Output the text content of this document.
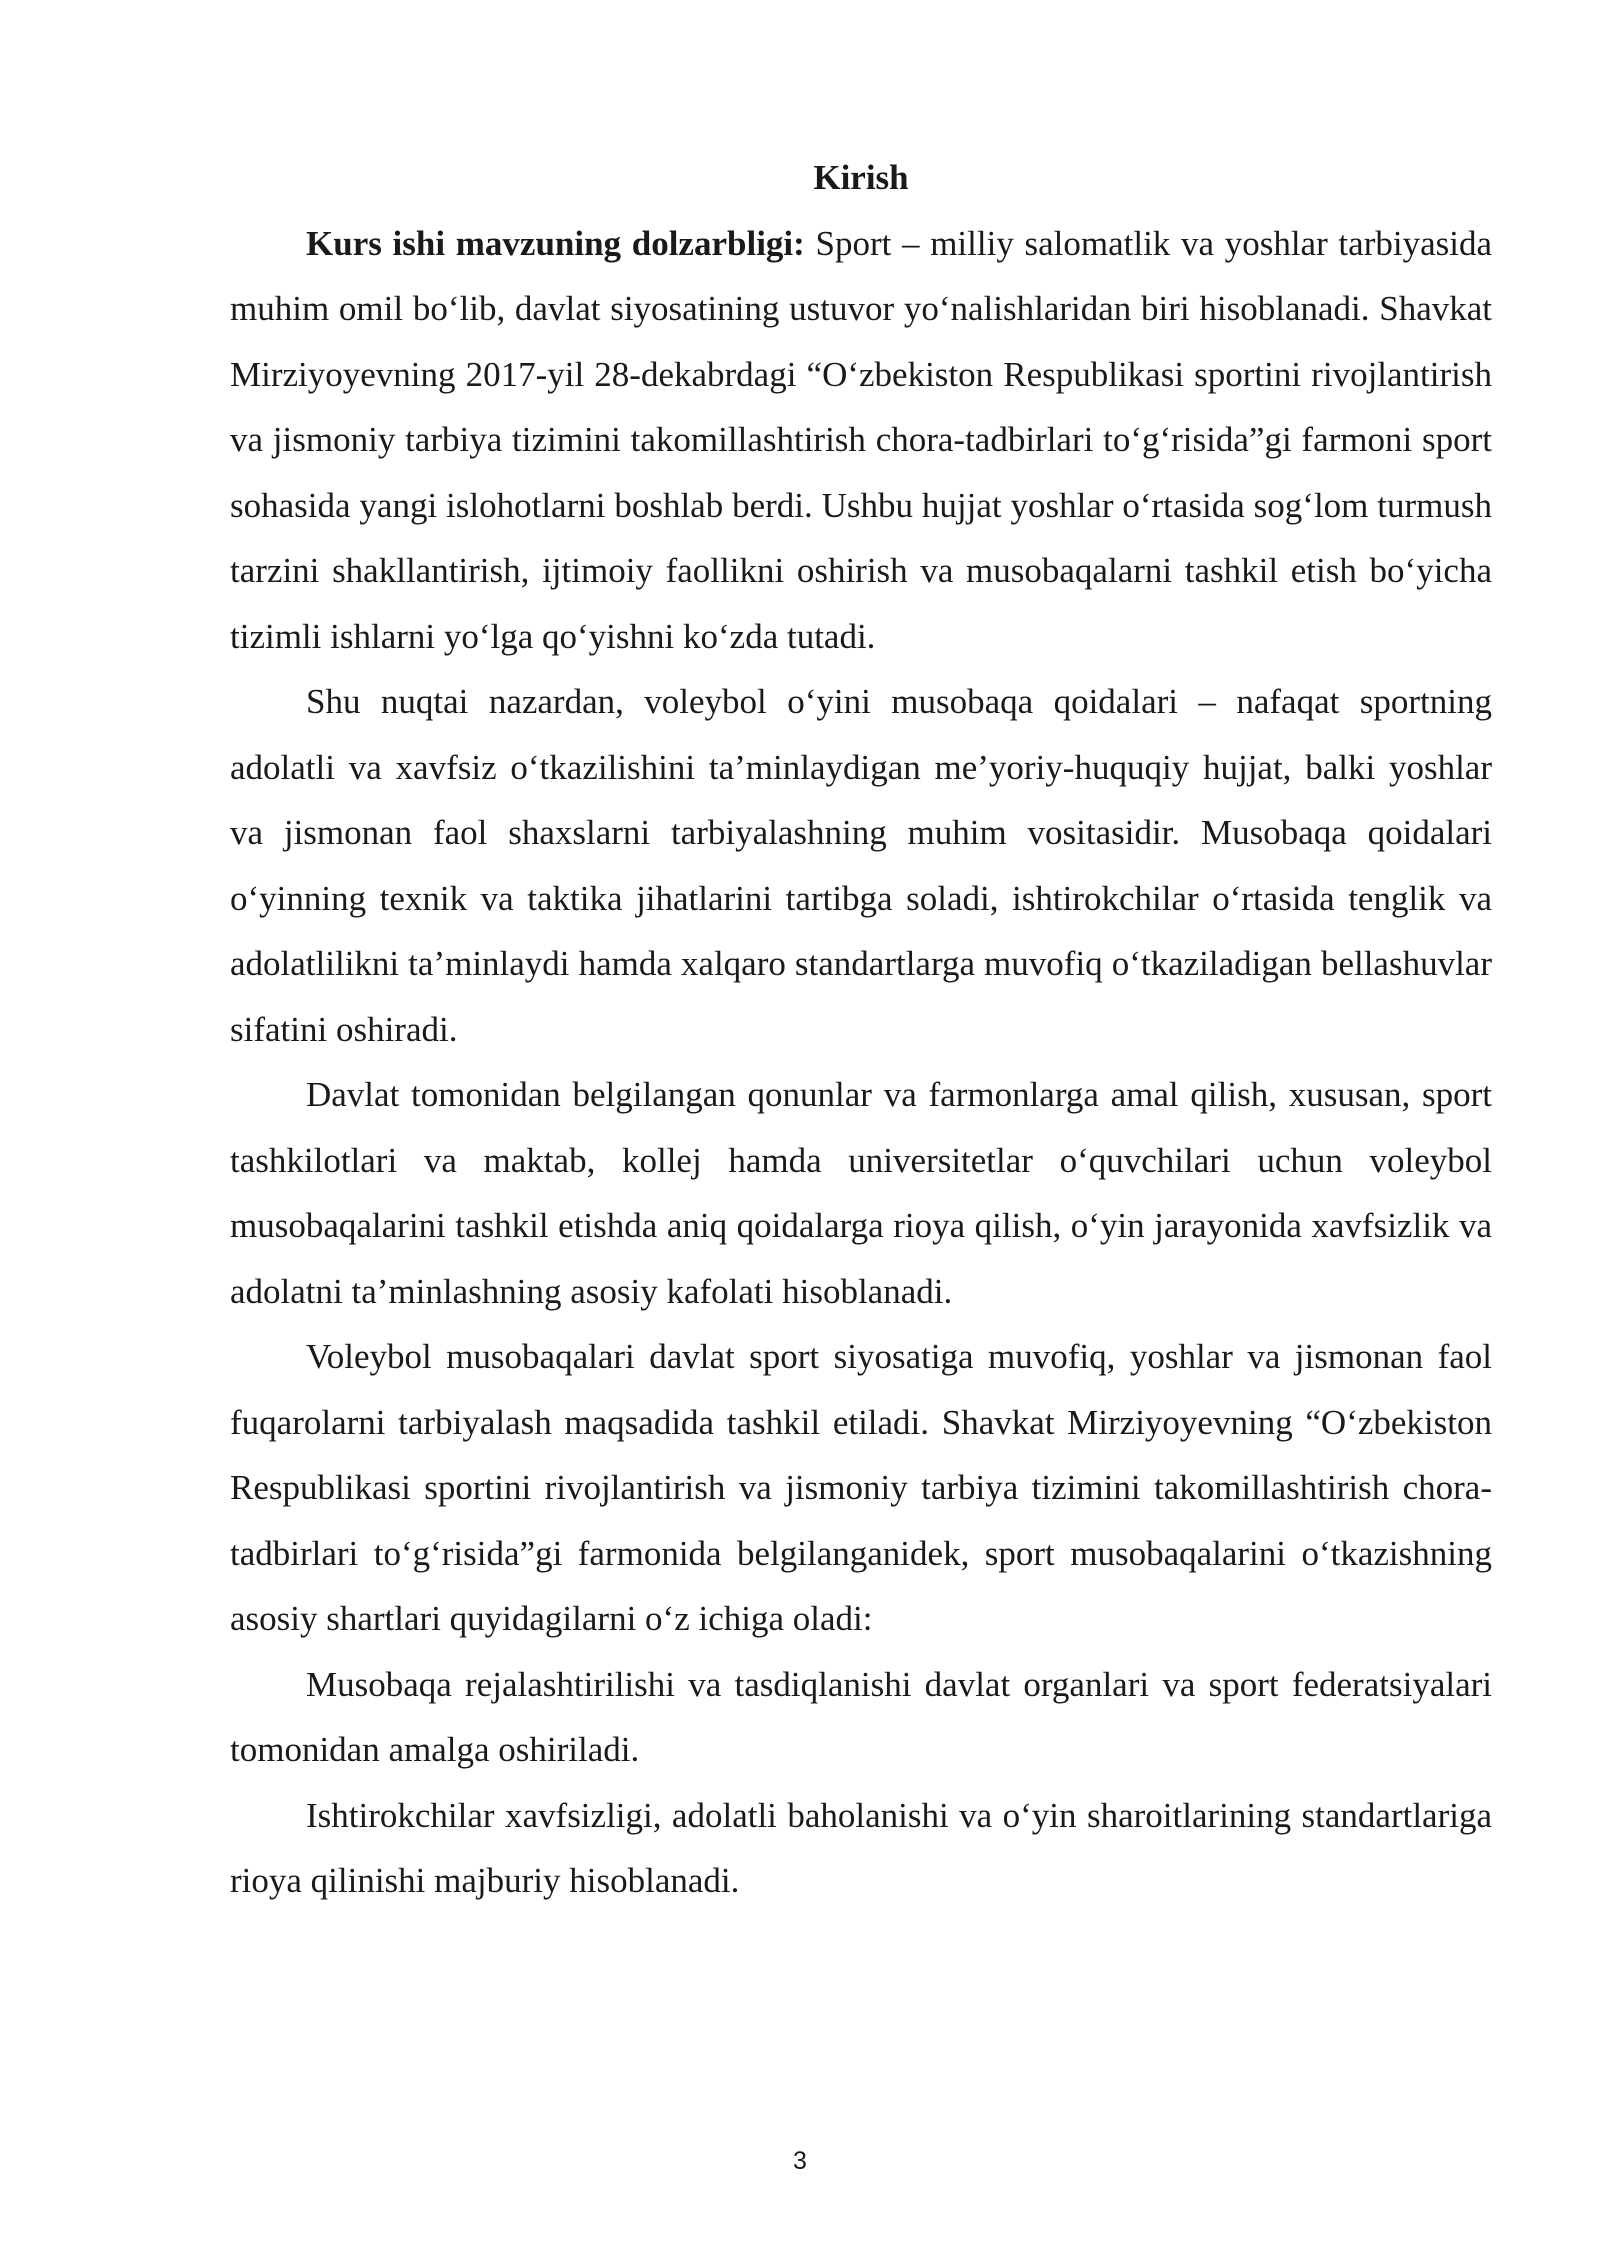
Kirish

Kurs ishi mavzuning dolzarbligi: Sport – milliy salomatlik va yoshlar tarbiyasida muhim omil bo‘lib, davlat siyosatining ustuvor yo‘nalishlaridan biri hisoblanadi. Shavkat Mirziyoyevning 2017-yil 28-dekabrdagi “O‘zbekiston Respublikasi sportini rivojlantirish va jismoniy tarbiya tizimini takomillashtirish chora-tadbirlari to‘g‘risida”gi farmoni sport sohasida yangi islohotlarni boshlab berdi. Ushbu hujjat yoshlar o‘rtasida sog‘lom turmush tarzini shakllantirish, ijtimoiy faollikni oshirish va musobaqalarni tashkil etish bo‘yicha tizimli ishlarni yo‘lga qo‘yishni ko‘zda tutadi.

Shu nuqtai nazardan, voleybol o‘yini musobaqa qoidalari – nafaqat sportning adolatli va xavfsiz o‘tkazilishini ta’minlaydigan me’yoriy-huquqiy hujjat, balki yoshlar va jismonan faol shaxslarni tarbiyalashning muhim vositasidir. Musobaqa qoidalari o‘yinning texnik va taktika jihatlarini tartibga soladi, ishtirokchilar o‘rtasida tenglik va adolatlilikni ta’minlaydi hamda xalqaro standartlarga muvofiq o‘tkaziladigan bellashuvlar sifatini oshiradi.

Davlat tomonidan belgilangan qonunlar va farmonlarga amal qilish, xususan, sport tashkilotlari va maktab, kollej hamda universitetlar o‘quvchilari uchun voleybol musobaqalarini tashkil etishda aniq qoidalarga rioya qilish, o‘yin jarayonida xavfsizlik va adolatni ta’minlashning asosiy kafolati hisoblanadi.

Voleybol musobaqalari davlat sport siyosatiga muvofiq, yoshlar va jismonan faol fuqarolarni tarbiyalash maqsadida tashkil etiladi. Shavkat Mirziyoyevning “O‘zbekiston Respublikasi sportini rivojlantirish va jismoniy tarbiya tizimini takomillashtirish chora-tadbirlari to‘g‘risida”gi farmonida belgilanganidek, sport musobaqalarini o‘tkazishning asosiy shartlari quyidagilarni o‘z ichiga oladi:

Musobaqa rejalashtirilishi va tasdiqlanishi davlat organlari va sport federatsiyalari tomonidan amalga oshiriladi.

Ishtirokchilar xavfsizligi, adolatli baholanishi va o‘yin sharoitlarining standartlariga rioya qilinishi majburiy hisoblanadi.

3
